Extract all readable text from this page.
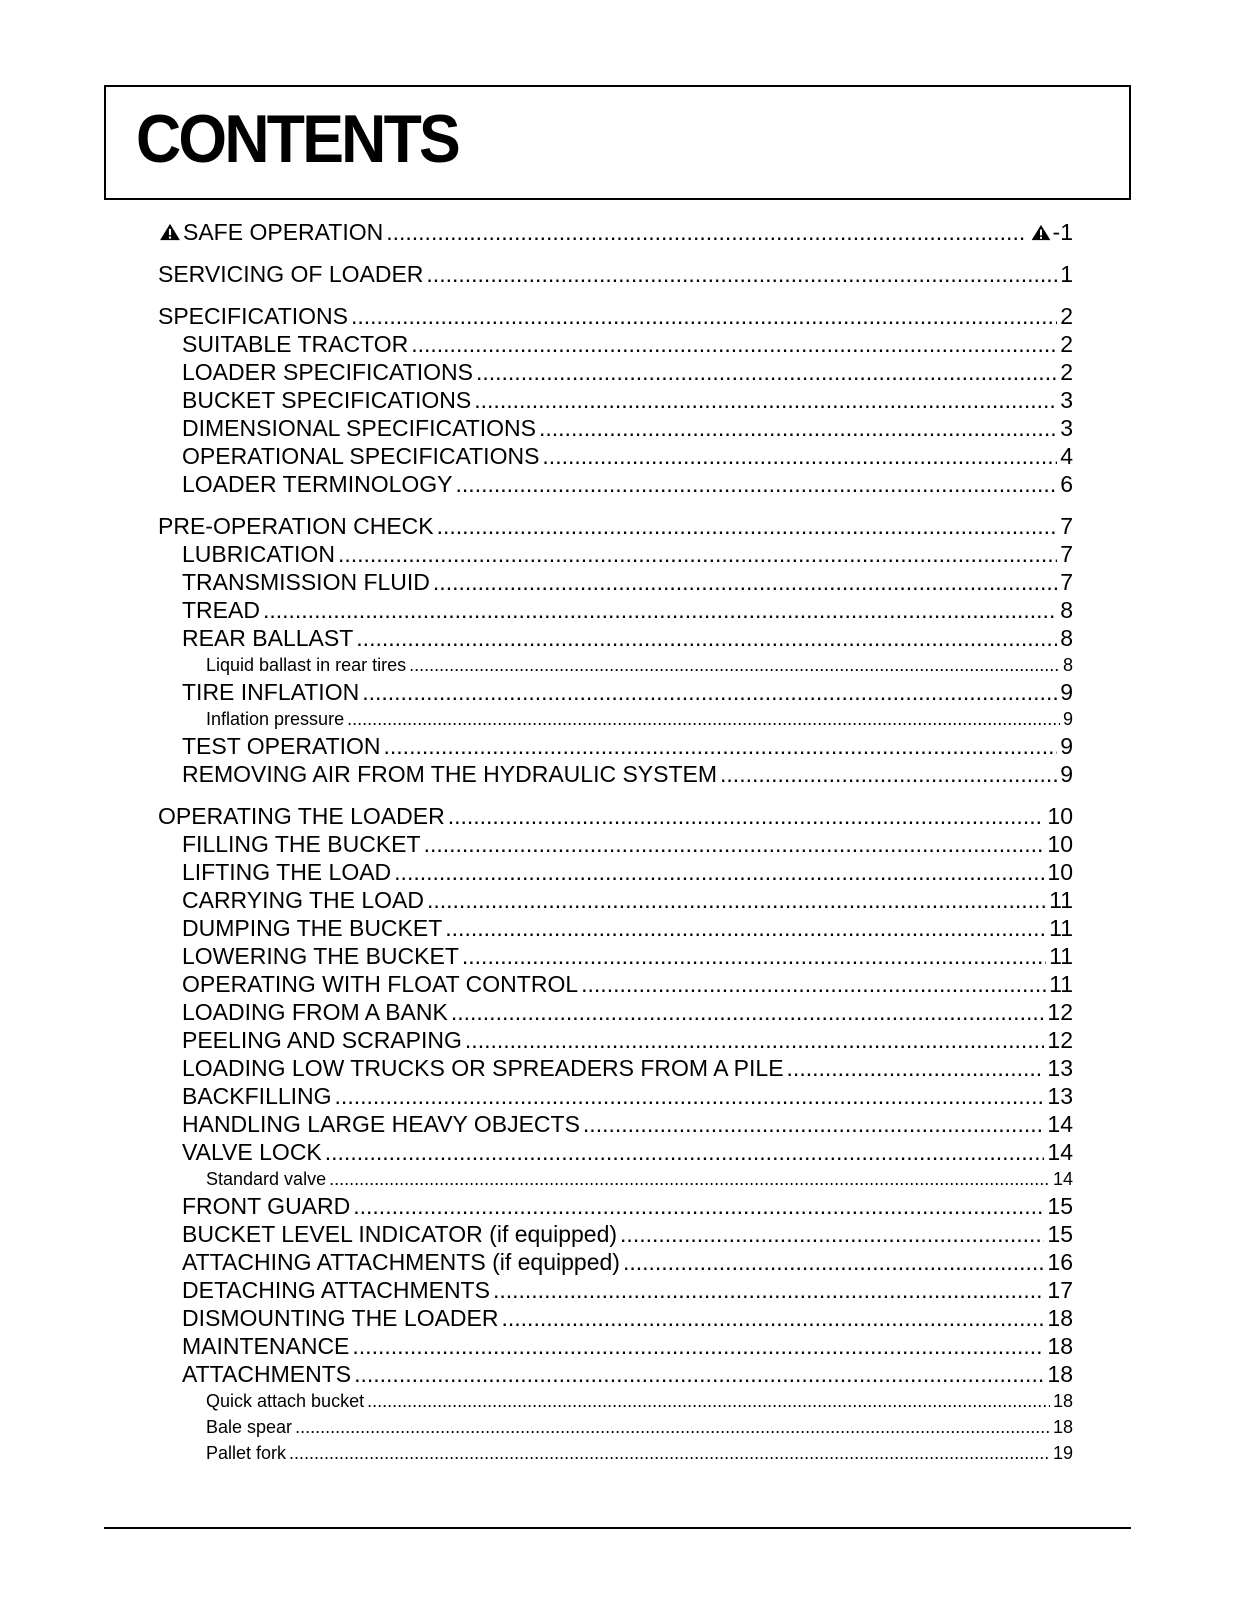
CONTENTS
SAFE OPERATION .....	-1
SERVICING OF LOADER .....	1
SPECIFICATIONS .....	2
SUITABLE TRACTOR .....	2
LOADER SPECIFICATIONS .....	2
BUCKET SPECIFICATIONS .....	3
DIMENSIONAL SPECIFICATIONS .....	3
OPERATIONAL SPECIFICATIONS .....	4
LOADER TERMINOLOGY .....	6
PRE-OPERATION CHECK .....	7
LUBRICATION .....	7
TRANSMISSION FLUID .....	7
TREAD .....	8
REAR BALLAST .....	8
Liquid ballast in rear tires .....	8
TIRE INFLATION .....	9
Inflation pressure .....	9
TEST OPERATION .....	9
REMOVING AIR FROM THE HYDRAULIC SYSTEM .....	9
OPERATING THE LOADER .....	10
FILLING THE BUCKET .....	10
LIFTING THE LOAD .....	10
CARRYING THE LOAD .....	11
DUMPING THE BUCKET .....	11
LOWERING THE BUCKET .....	11
OPERATING WITH FLOAT CONTROL .....	11
LOADING FROM A BANK .....	12
PEELING AND SCRAPING .....	12
LOADING LOW TRUCKS OR SPREADERS FROM A PILE .....	13
BACKFILLING .....	13
HANDLING LARGE HEAVY OBJECTS .....	14
VALVE LOCK .....	14
Standard valve .....	14
FRONT GUARD .....	15
BUCKET LEVEL INDICATOR (if equipped) .....	15
ATTACHING ATTACHMENTS (if equipped) .....	16
DETACHING ATTACHMENTS .....	17
DISMOUNTING THE LOADER .....	18
MAINTENANCE .....	18
ATTACHMENTS .....	18
Quick attach bucket .....	18
Bale spear .....	18
Pallet fork .....	19
